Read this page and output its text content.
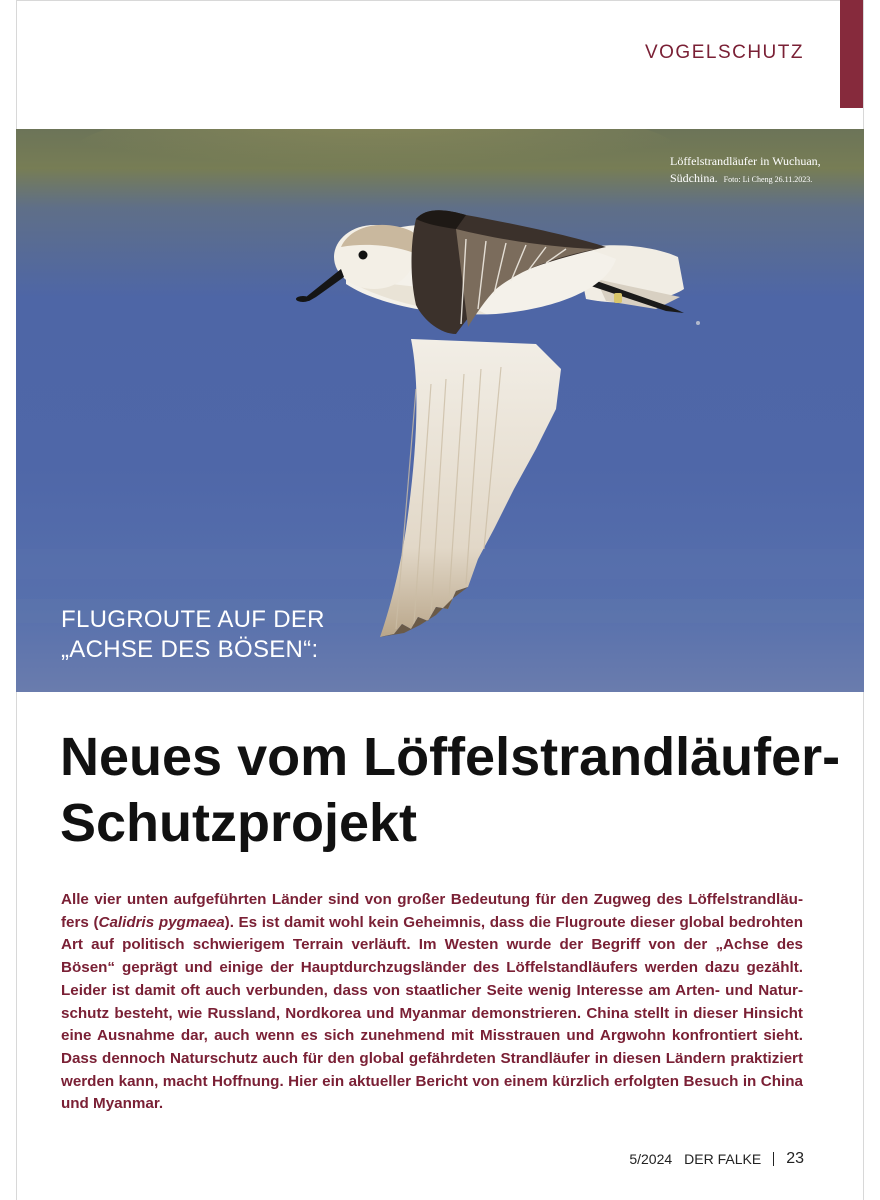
VOGELSCHUTZ
Löffelstrandläufer in Wuchuan, Südchina. Foto: Li Cheng 26.11.2023.
FLUGROUTE AUF DER
„ACHSE DES BÖSEN“:
Neues vom Löffelstrandläufer-
Schutzprojekt
Alle vier unten aufgeführten Länder sind von großer Bedeutung für den Zugweg des Löffelstrandläufers (Calidris pygmaea). Es ist damit wohl kein Geheimnis, dass die Flugroute dieser global bedrohten Art auf politisch schwierigem Terrain verläuft. Im Westen wurde der Begriff von der „Achse des Bösen“ geprägt und einige der Hauptdurchzugsländer des Löffelstandläufers werden dazu gezählt. Leider ist damit oft auch verbunden, dass von staatlicher Seite wenig Interesse am Arten- und Naturschutz besteht, wie Russland, Nordkorea und Myanmar demonstrieren. China stellt in dieser Hinsicht eine Ausnahme dar, auch wenn es sich zunehmend mit Misstrauen und Argwohn konfrontiert sieht. Dass dennoch Naturschutz auch für den global gefährdeten Strandläufer in diesen Ländern praktiziert werden kann, macht Hoffnung. Hier ein aktueller Bericht von einem kürzlich erfolgten Besuch in China und Myanmar.
5/2024 DER FALKE 23
